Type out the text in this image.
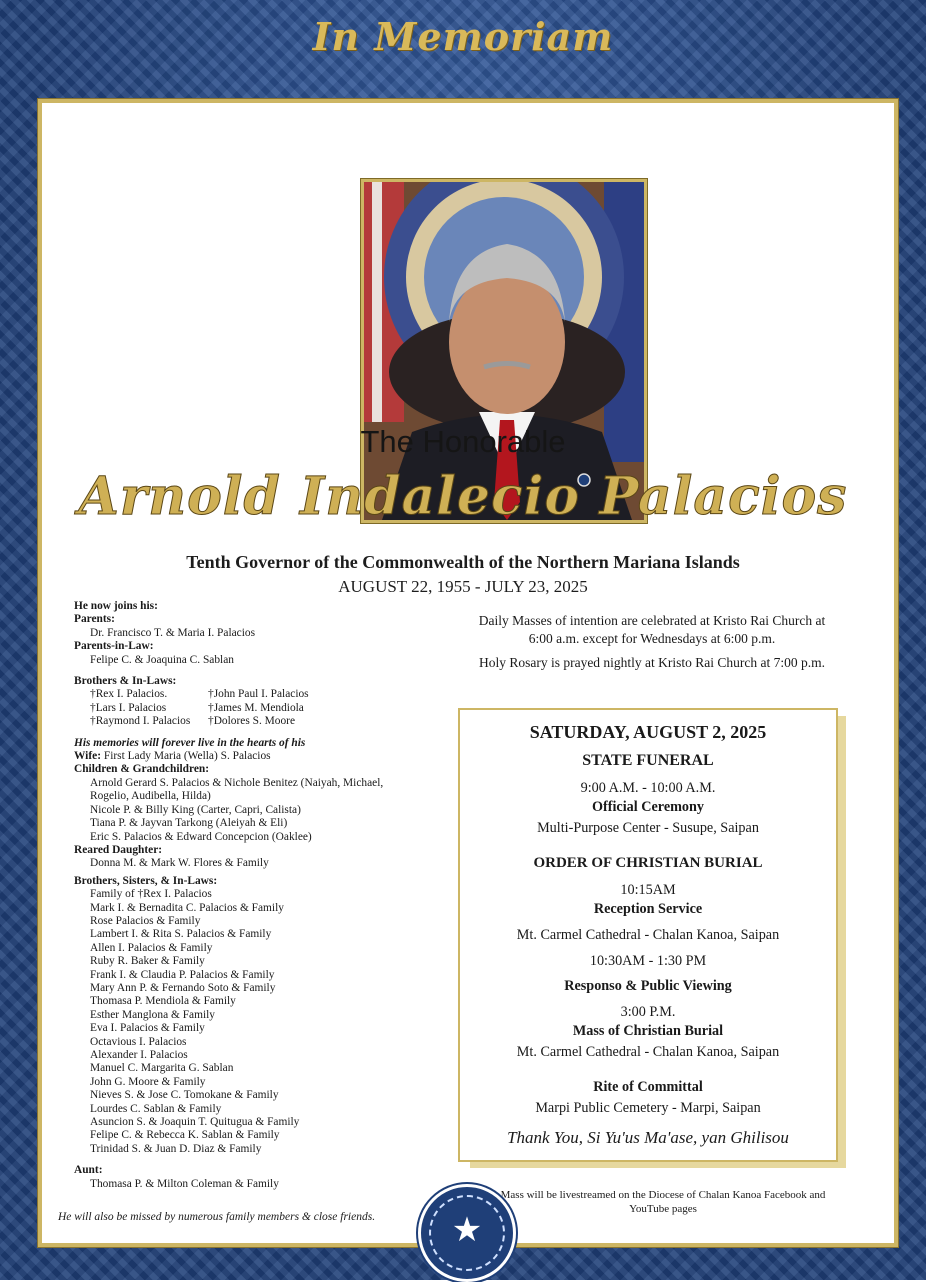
In Memoriam
The Honorable
Arnold Indalecio Palacios
Tenth Governor of the Commonwealth of the Northern Mariana Islands
AUGUST 22, 1955 - JULY 23, 2025
He now joins his:
Parents:
Dr. Francisco T. & Maria I. Palacios
Parents-in-Law:
Felipe C. & Joaquina C. Sablan
Brothers & In-Laws:
†Rex I. Palacios.	†John Paul I. Palacios
†Lars I. Palacios	†James M. Mendiola
†Raymond I. Palacios	†Dolores S. Moore
His memories will forever live in the hearts of his
Wife: First Lady Maria (Wella) S. Palacios
Children & Grandchildren:
Arnold Gerard S. Palacios & Nichole Benitez (Naiyah, Michael,
Rogelio, Audibella, Hilda)
Nicole P. & Billy King (Carter, Capri, Calista)
Tiana P. & Jayvan Tarkong (Aleiyah & Eli)
Eric S. Palacios & Edward Concepcion (Oaklee)
Reared Daughter:
Donna M. & Mark W. Flores & Family
Brothers, Sisters, & In-Laws:
Family of †Rex I. Palacios
Mark I. & Bernadita C. Palacios & Family
Rose Palacios & Family
Lambert I. & Rita S. Palacios & Family
Allen I. Palacios & Family
Ruby R. Baker & Family
Frank I. & Claudia P. Palacios & Family
Mary Ann P. & Fernando Soto & Family
Thomasa P. Mendiola & Family
Esther Manglona & Family
Eva I. Palacios & Family
Octavious I. Palacios
Alexander I. Palacios
Manuel C. Margarita G. Sablan
John G. Moore & Family
Nieves S. & Jose C. Tomokane & Family
Lourdes C. Sablan & Family
Asuncion S. & Joaquin T. Quitugua & Family
Felipe C. & Rebecca K. Sablan & Family
Trinidad S. & Juan D. Diaz & Family
Aunt:
Thomasa P. & Milton Coleman & Family
He will also be missed by numerous family members & close friends.

Daily Masses of intention are celebrated at Kristo Rai Church at 6:00 a.m. except for Wednesdays at 6:00 p.m.

Holy Rosary is prayed nightly at Kristo Rai Church at 7:00 p.m.

SATURDAY, AUGUST 2, 2025
STATE FUNERAL
9:00 A.M. - 10:00 A.M.
Official Ceremony
Multi-Purpose Center - Susupe, Saipan
ORDER OF CHRISTIAN BURIAL
10:15AM
Reception Service
Mt. Carmel Cathedral - Chalan Kanoa, Saipan
10:30AM - 1:30 PM
Responso & Public Viewing
3:00 P.M.
Mass of Christian Burial
Mt. Carmel Cathedral - Chalan Kanoa, Saipan
Rite of Committal
Marpi Public Cemetery - Marpi, Saipan
Thank You, Si Yu'us Ma'ase, yan Ghilisou
Mass will be livestreamed on the Diocese of Chalan Kanoa Facebook and YouTube pages
★
